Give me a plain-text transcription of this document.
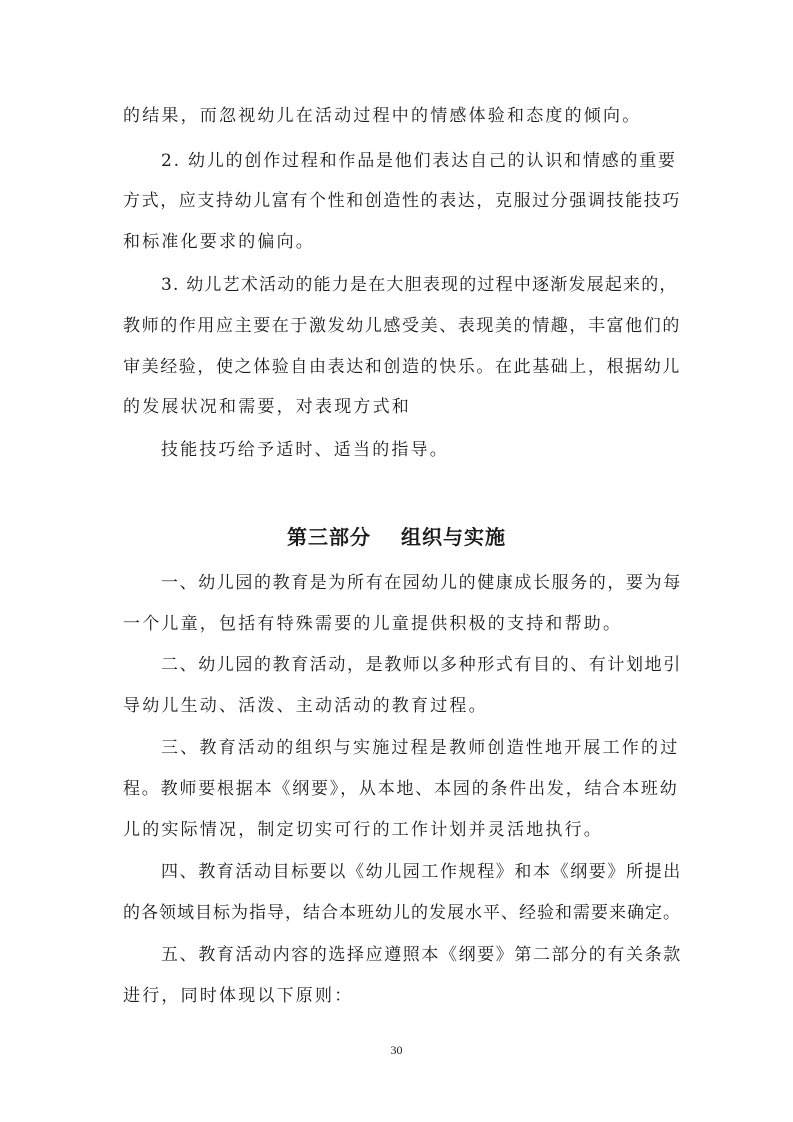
的结果，而忽视幼儿在活动过程中的情感体验和态度的倾向。
2. 幼儿的创作过程和作品是他们表达自己的认识和情感的重要
方式，应支持幼儿富有个性和创造性的表达，克服过分强调技能技巧
和标准化要求的偏向。
3. 幼儿艺术活动的能力是在大胆表现的过程中逐渐发展起来的，
教师的作用应主要在于激发幼儿感受美、表现美的情趣，丰富他们的
审美经验，使之体验自由表达和创造的快乐。在此基础上，根据幼儿
的发展状况和需要，对表现方式和
技能技巧给予适时、适当的指导。
第三部分 组织与实施
一、幼儿园的教育是为所有在园幼儿的健康成长服务的，要为每
一个儿童，包括有特殊需要的儿童提供积极的支持和帮助。
二、幼儿园的教育活动，是教师以多种形式有目的、有计划地引
导幼儿生动、活泼、主动活动的教育过程。
三、教育活动的组织与实施过程是教师创造性地开展工作的过
程。教师要根据本《纲要》，从本地、本园的条件出发，结合本班幼
儿的实际情况，制定切实可行的工作计划并灵活地执行。
四、教育活动目标要以《幼儿园工作规程》和本《纲要》所提出
的各领域目标为指导，结合本班幼儿的发展水平、经验和需要来确定。
五、教育活动内容的选择应遵照本《纲要》第二部分的有关条款
进行，同时体现以下原则：
30
